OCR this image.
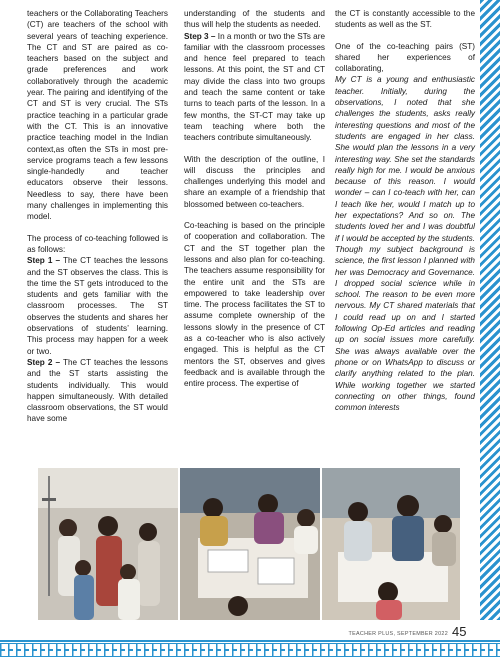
teachers or the Collaborating Teachers (CT) are teachers of the school with several years of teaching experience. The CT and ST are paired as co-teachers based on the subject and grade preferences and work collaboratively through the academic year. The pairing and identifying of the CT and ST is very crucial. The STs practice teaching in a particular grade with the CT. This is an innovative practice teaching model in the Indian context,as often the STs in most pre-service programs teach a few lessons single-handedly and teacher educators observe their lessons. Needless to say, there have been many challenges in implementing this model.

The process of co-teaching followed is as follows:

Step 1 – The CT teaches the lessons and the ST observes the class. This is the time the ST gets introduced to the students and gets familiar with the classroom processes. The ST observes the students and shares her observations of students’ learning. This process may happen for a week or two.

Step 2 – The CT teaches the lessons and the ST starts assisting the students individually. This would happen simultaneously. With detailed classroom observations, the ST would have some

understanding of the students and thus will help the students as needed.

Step 3 – In a month or two the STs are familiar with the classroom processes and hence feel prepared to teach lessons. At this point, the ST and CT may divide the class into two groups and teach the same content or take turns to teach parts of the lesson. In a few months, the ST-CT may take up team teaching where both the teachers contribute simultaneously.

With the description of the outline, I will discuss the principles and challenges underlying this model and share an example of a friendship that blossomed between co-teachers.

Co-teaching is based on the principle of cooperation and collaboration. The CT and the ST together plan the lessons and also plan for co-teaching. The teachers assume responsibility for the entire unit and the STs are empowered to take leadership over time. The process facilitates the ST to assume complete ownership of the lessons slowly in the presence of CT as a co-teacher who is also actively engaged. This is helpful as the CT mentors the ST, observes and gives feedback and is available through the entire process. The expertise of

the CT is constantly accessible to the students as well as the ST.

One of the co-teaching pairs (ST) shared her experiences of collaborating,

My CT is a young and enthusiastic teacher. Initially, during the observations, I noted that she challenges the students, asks really interesting questions and most of the students are engaged in her class. She would plan the lessons in a very interesting way. She set the standards really high for me. I would be anxious because of this reason. I would wonder – can I co-teach with her, can I teach like her, would I match up to her expectations? And so on. The students loved her and I was doubtful if I would be accepted by the students. Though my subject background is science, the first lesson I planned with her was Democracy and Governance. I dropped social science while in school. The reason to be even more nervous. My CT shared materials that I could read up on and I started following Op-Ed articles and reading up on social issues more carefully. She was always available over the phone or on WhatsApp to discuss or clarify anything related to the plan. While working together we started connecting on other things, found common interests

TEACHER PLUS, SEPTEMBER 2022 45
